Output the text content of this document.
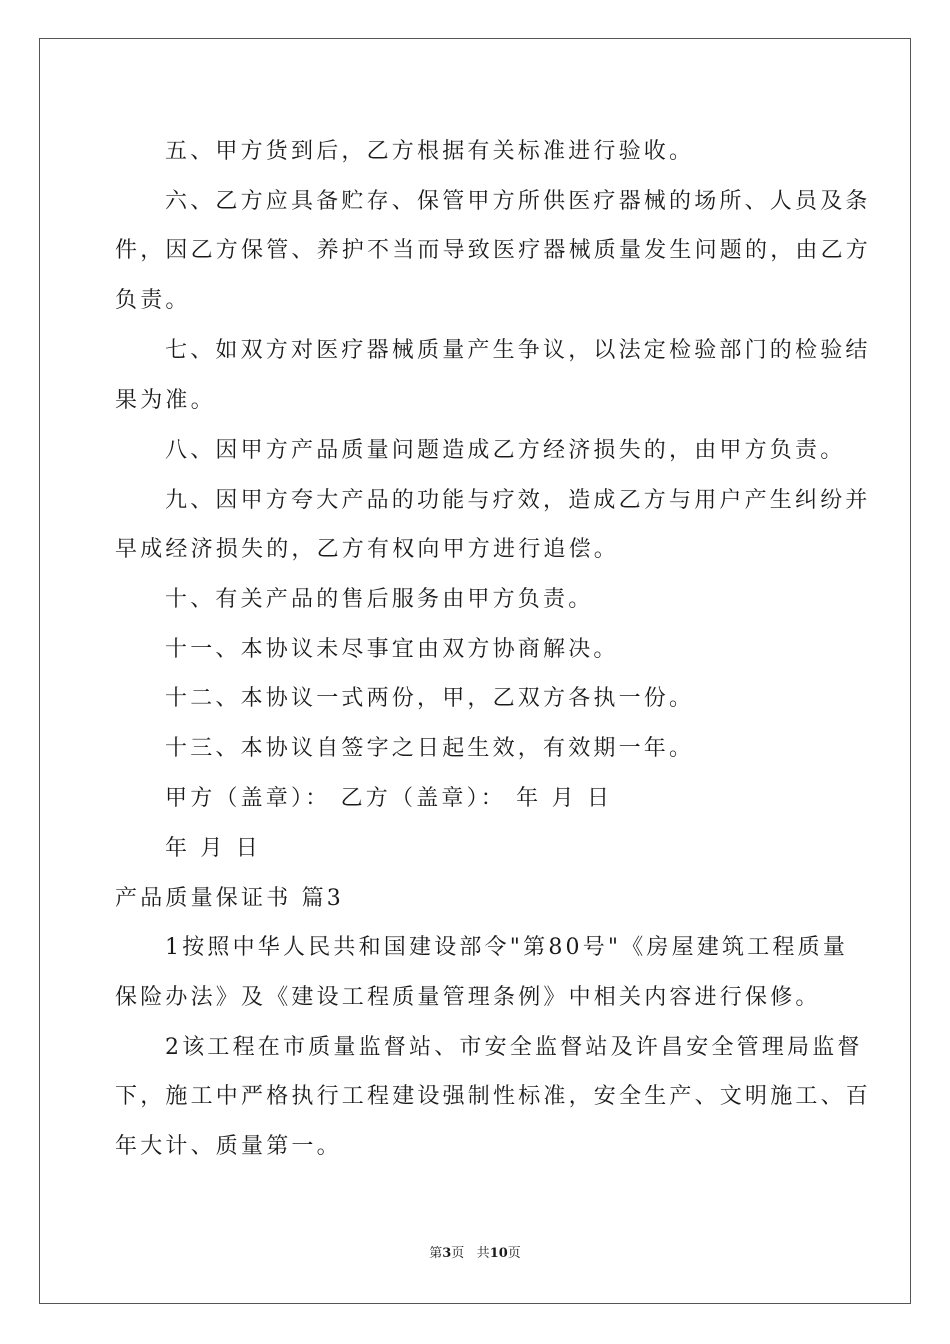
五、甲方货到后，乙方根据有关标准进行验收。
六、乙方应具备贮存、保管甲方所供医疗器械的场所、人员及条
件，因乙方保管、养护不当而导致医疗器械质量发生问题的，由乙方
负责。
七、如双方对医疗器械质量产生争议，以法定检验部门的检验结
果为准。
八、因甲方产品质量问题造成乙方经济损失的，由甲方负责。
九、因甲方夸大产品的功能与疗效，造成乙方与用户产生纠纷并
早成经济损失的，乙方有权向甲方进行追偿。
十、有关产品的售后服务由甲方负责。
十一、本协议未尽事宜由双方协商解决。
十二、本协议一式两份，甲，乙双方各执一份。
十三、本协议自签字之日起生效，有效期一年。
甲方（盖章）： 乙方（盖章）： 年 月 日
年 月 日
产品质量保证书 篇3
1按照中华人民共和国建设部令"第80号"《房屋建筑工程质量
保险办法》及《建设工程质量管理条例》中相关内容进行保修。
2该工程在市质量监督站、市安全监督站及许昌安全管理局监督
下，施工中严格执行工程建设强制性标准，安全生产、文明施工、百
年大计、质量第一。
第3页 共10页
